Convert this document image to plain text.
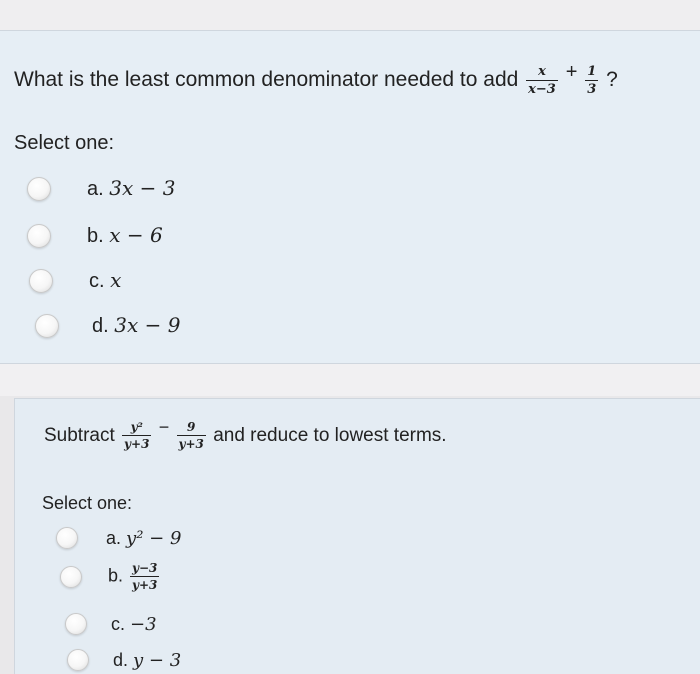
What is the least common denominator needed to add $\frac{x}{x-3} + \frac{1}{3}$ ?
Select one:
a. 3x − 3
b. x − 6
c. x
d. 3x − 9
Subtract $\frac{\text{y²}}{y+3} - \frac{9}{y+3}$ and reduce to lowest terms.
Select one:
a. y² − 9
b. $\frac{y-3}{y+3}$
c. −3
d. y − 3
